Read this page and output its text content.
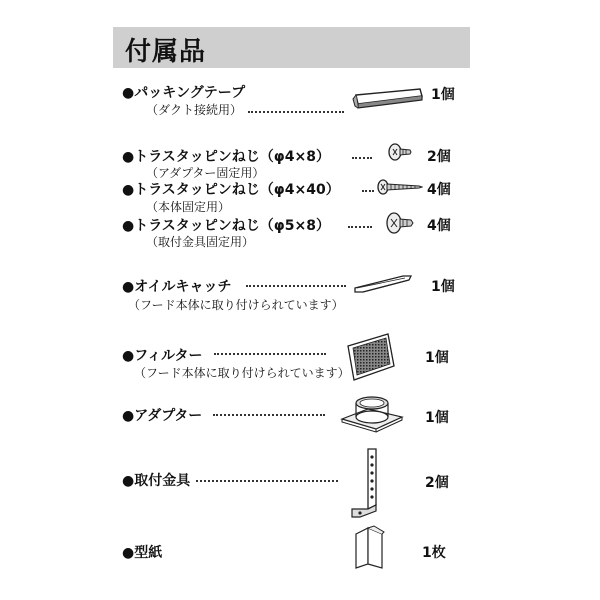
付属品
●パッキングテープ
（ダクト接続用）
1個
●トラスタッピンねじ（φ4×8）
（アダプター固定用）
2個
●トラスタッピンねじ（φ4×40）
（本体固定用）
4個
●トラスタッピンねじ（φ5×8）
（取付金具固定用）
4個
●オイルキャッチ
（フード本体に取り付けられています）
1個
●フィルター
（フード本体に取り付けられています）
1個
●アダプター	1個
●取付金具	2個
●型紙	1枚
